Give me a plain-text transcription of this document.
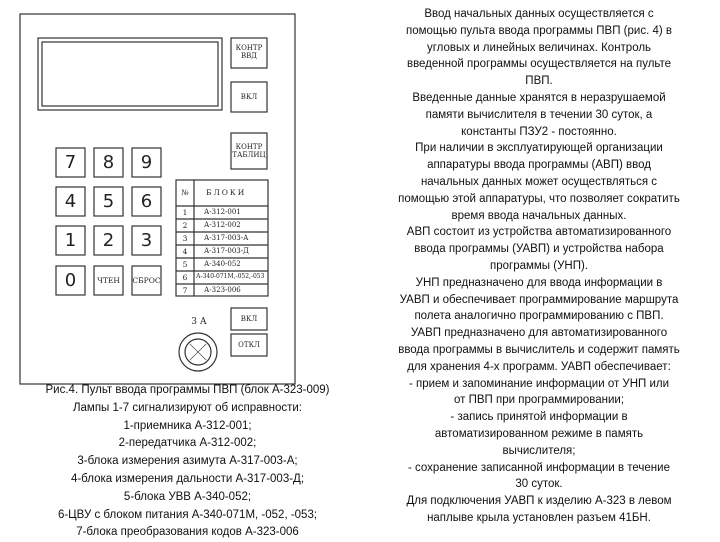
КОНТР
ВВД
ВКЛ
КОНТР
ТАБЛИЦ
ВКЛ
ОТКЛ
7	8	9
4	5	6
1	2	3
0	ЧТЕН	СБРОС
№	БЛОКИ
1	А-312-001
2	А-312-002
3	А-317-003-А
4	А-317-003-Д
5	А-340-052
6	А-340-071М,-052,-053
7	А-323-006
3 А
Рис.4. Пульт ввода программы ПВП (блок А-323-009)
Лампы 1-7 сигнализируют об исправности:
1-приемника А-312-001;
2-передатчика А-312-002;
3-блока измерения азимута А-317-003-А;
4-блока измерения дальности А-317-003-Д;
5-блока УВВ А-340-052;
6-ЦВУ с блоком питания А-340-071М, -052, -053;
7-блока преобразования кодов А-323-006
Ввод начальных данных осуществляется с
помощью пульта ввода программы ПВП (рис. 4) в
угловых и линейных величинах. Контроль
введенной программы осуществляется на пульте
ПВП.
Введенные данные хранятся в неразрушаемой
памяти вычислителя в течении 30 суток, а
константы ПЗУ2 - постоянно.
При наличии в эксплуатирующей организации
аппаратуры ввода программы (АВП) ввод
начальных данных может осуществляться с
помощью этой аппаратуры, что позволяет сократить
время ввода начальных данных.
АВП состоит из устройства автоматизированного
ввода программы (УАВП) и устройства набора
программы (УНП).
УНП предназначено для ввода информации в
УАВП и обеспечивает программирование маршрута
полета аналогично программированию с ПВП.
УАВП предназначено для автоматизированного
ввода программы в вычислитель и содержит память
для хранения 4-х программ. УАВП обеспечивает:
- прием и запоминание информации от УНП или
от ПВП при программировании;
- запись принятой информации в
автоматизированном режиме в память
вычислителя;
- сохранение записанной информации в течение
30 суток.
Для подключения УАВП к изделию А-323 в левом
наплыве крыла установлен разъем 41БН.
